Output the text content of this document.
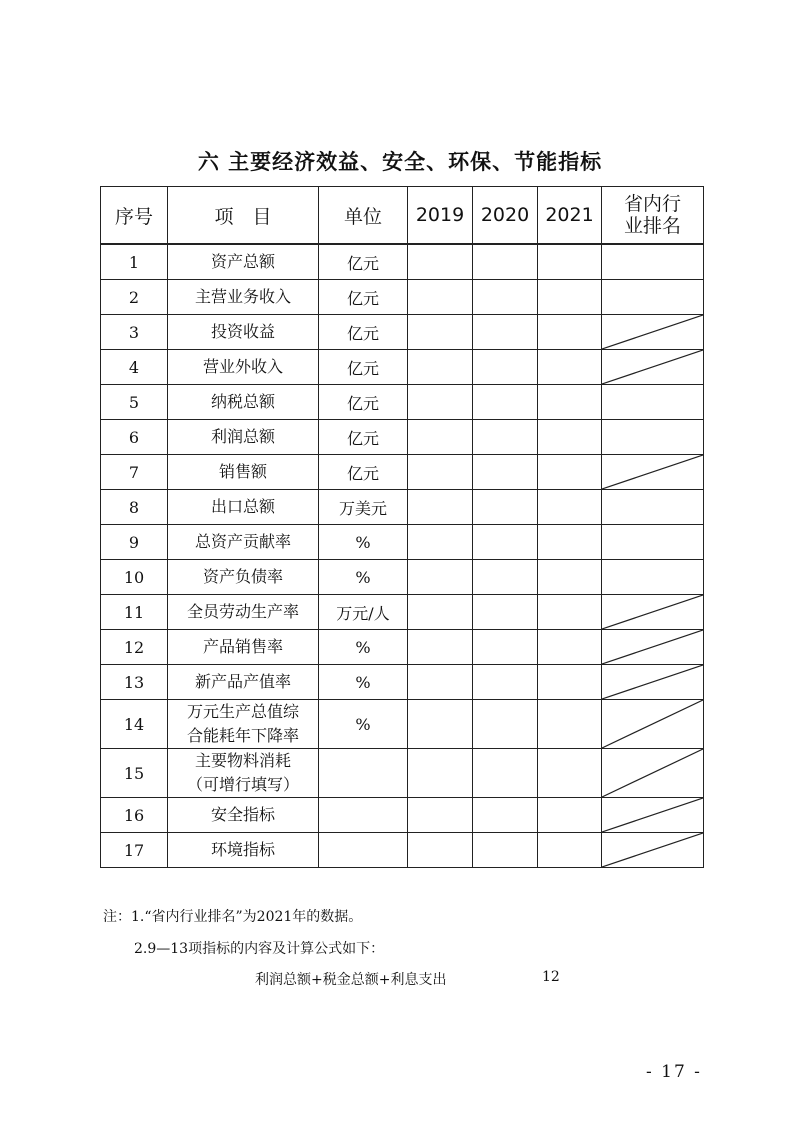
六 主要经济效益、安全、环保、节能指标
序号	项　目	单位	2019	2020	2021	省内行
业排名

1	资产总额	亿元				
2	主营业务收入	亿元				
3	投资收益	亿元				

4	营业外收入	亿元				

5	纳税总额	亿元				
6	利润总额	亿元				
7	销售额	亿元				

8	出口总额	万美元				
9	总资产贡献率	%				
10	资产负债率	%				
11	全员劳动生产率	万元/人				

12	产品销售率	%				

13	新产品产值率	%				

14	万元生产总值综
合能耗年下降率	%				

15	主要物料消耗
（可增行填写）

16	安全指标

17	环境指标

注：1.“省内行业排名”为2021年的数据。
2.9—13项指标的内容及计算公式如下：
利润总额+税金总额+利息支出	12
- 17 -
